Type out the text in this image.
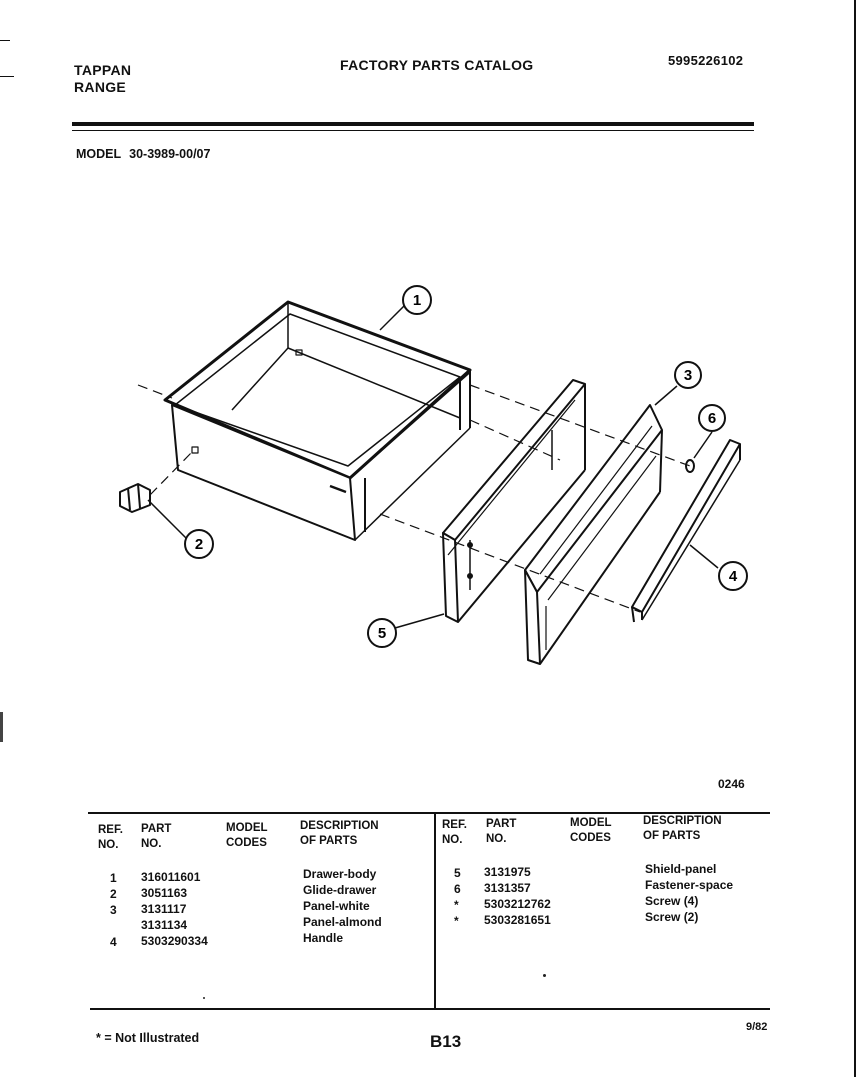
TAPPAN
RANGE
FACTORY PARTS CATALOG	5995226102
MODEL 30-3989-00/07
1
2
3
4
5
6
0246
REF.
NO.
PART
NO.
MODEL
CODES
DESCRIPTION
OF PARTS
REF.
NO.
PART
NO.
MODEL
CODES
DESCRIPTION
OF PARTS
1
2
3
4
316011601
3051163
3131117
3131134
5303290334
Drawer-body
Glide-drawer
Panel-white
Panel-almond
Handle
5
6
*
*
3131975
3131357
5303212762
5303281651
Shield-panel
Fastener-space
Screw (4)
Screw (2)
* = Not Illustrated	B13
9/82
